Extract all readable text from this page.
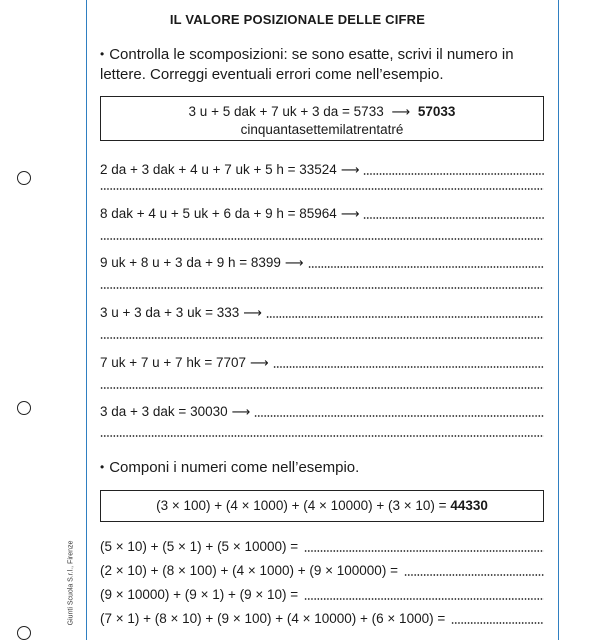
Giunti Scuola S.r.l., Firenze
IL VALORE POSIZIONALE DELLE CIFRE
• Controlla le scomposizioni: se sono esatte, scrivi il numero in lettere. Correggi eventuali errori come nell’esempio.
3 u + 5 dak + 7 uk + 3 da = 5733 ⟶ 57033
cinquantasettemilatrentatré
2 da + 3 dak + 4 u + 7 uk + 5 h = 33524 ⟶
8 dak + 4 u + 5 uk + 6 da + 9 h = 85964 ⟶
9 uk + 8 u + 3 da + 9 h = 8399 ⟶
3 u + 3 da + 3 uk = 333 ⟶
7 uk + 7 u + 7 hk = 7707 ⟶
3 da + 3 dak = 30030 ⟶
• Componi i numeri come nell’esempio.
(3 × 100) + (4 × 1000) + (4 × 10000) + (3 × 10) = 44330
(5 × 10) + (5 × 1) + (5 × 10000) =
(2 × 10) + (8 × 100) + (4 × 1000) + (9 × 100000) =
(9 × 10000) + (9 × 1) + (9 × 10) =
(7 × 1) + (8 × 10) + (9 × 100) + (4 × 10000) + (6 × 1000) =
